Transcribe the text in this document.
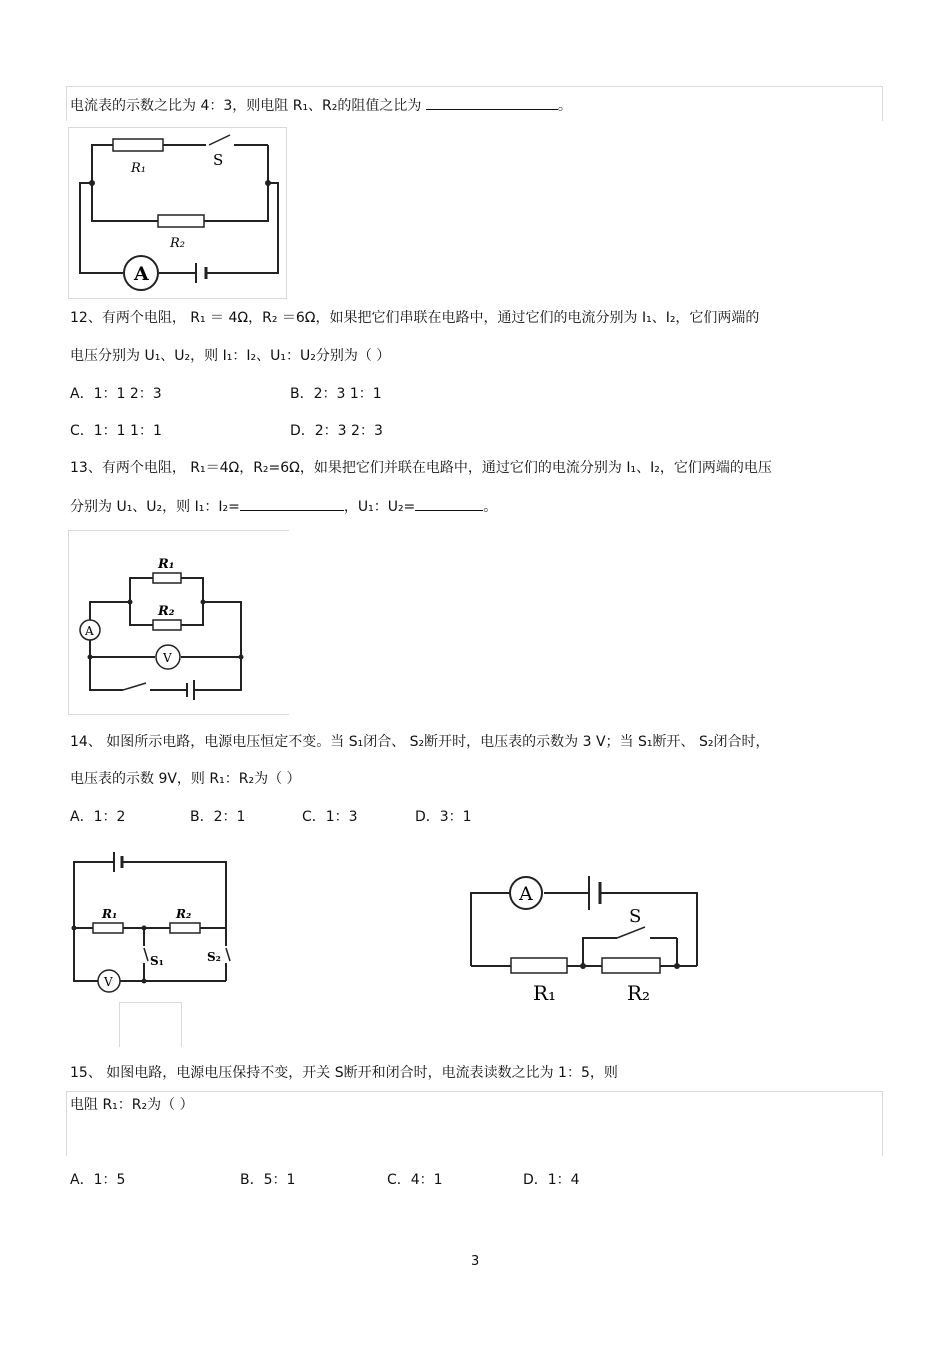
电流表的示数之比为 4：3，则电阻 R₁、R₂的阻值之比为	。
A
R₁	S
R₂
12、有两个电阻， R₁ ＝ 4Ω，R₂ ＝6Ω，如果把它们串联在电路中，通过它们的电流分别为 I₁、I₂，它们两端的
电压分别为 U₁、U₂，则 I₁：I₂、U₁：U₂分别为（ ）
A．1：1 2：3	B．2：3 1：1
C．1：1 1：1	D．2：3 2：3
13、有两个电阻， R₁＝4Ω，R₂=6Ω，如果把它们并联在电路中，通过它们的电流分别为 I₁、I₂，它们两端的电压
分别为 U₁、U₂，则 I₁：I₂=	，U₁：U₂=	。
A
V
R₁
R₂
14、 如图所示电路，电源电压恒定不变。当 S₁闭合、 S₂断开时，电压表的示数为 3 V；当 S₁断开、 S₂闭合时，
电压表的示数 9V，则 R₁：R₂为（ ）
A．1：2	B．2：1	C．1：3	D．3：1
V
R₁	R₂
S₁	S₂
A
S
R₁	R₂
15、 如图电路，电源电压保持不变，开关 S断开和闭合时，电流表读数之比为 1：5，则
电阻 R₁：R₂为（ ）
A．1：5	B．5：1	C．4：1	D．1：4
3
